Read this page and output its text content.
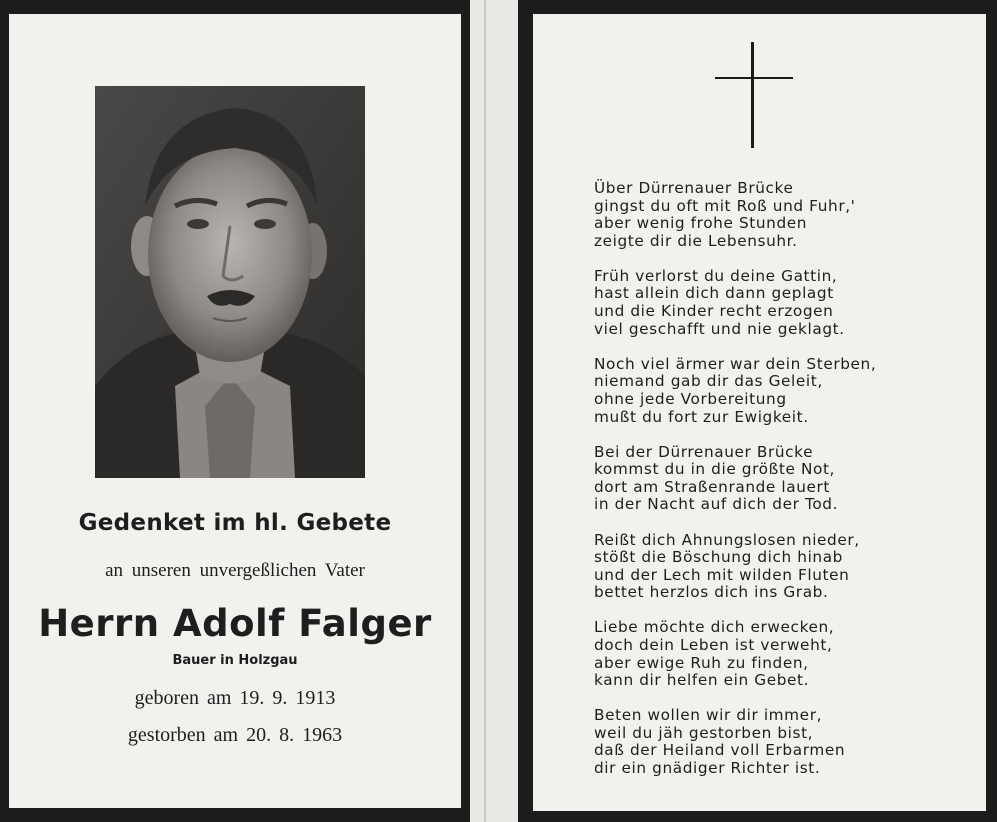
Gedenket im hl. Gebete
an unseren unvergeßlichen Vater
Herrn Adolf Falger
Bauer in Holzgau
geboren am 19. 9. 1913
gestorben am 20. 8. 1963
Über Dürrenauer Brücke
gingst du oft mit Roß und Fuhr,'
aber wenig frohe Stunden
zeigte dir die Lebensuhr.
Früh verlorst du deine Gattin,
hast allein dich dann geplagt
und die Kinder recht erzogen
viel geschafft und nie geklagt.
Noch viel ärmer war dein Sterben,
niemand gab dir das Geleit,
ohne jede Vorbereitung
mußt du fort zur Ewigkeit.
Bei der Dürrenauer Brücke
kommst du in die größte Not,
dort am Straßenrande lauert
in der Nacht auf dich der Tod.
Reißt dich Ahnungslosen nieder,
stößt die Böschung dich hinab
und der Lech mit wilden Fluten
bettet herzlos dich ins Grab.
Liebe möchte dich erwecken,
doch dein Leben ist verweht,
aber ewige Ruh zu finden,
kann dir helfen ein Gebet.
Beten wollen wir dir immer,
weil du jäh gestorben bist,
daß der Heiland voll Erbarmen
dir ein gnädiger Richter ist.
